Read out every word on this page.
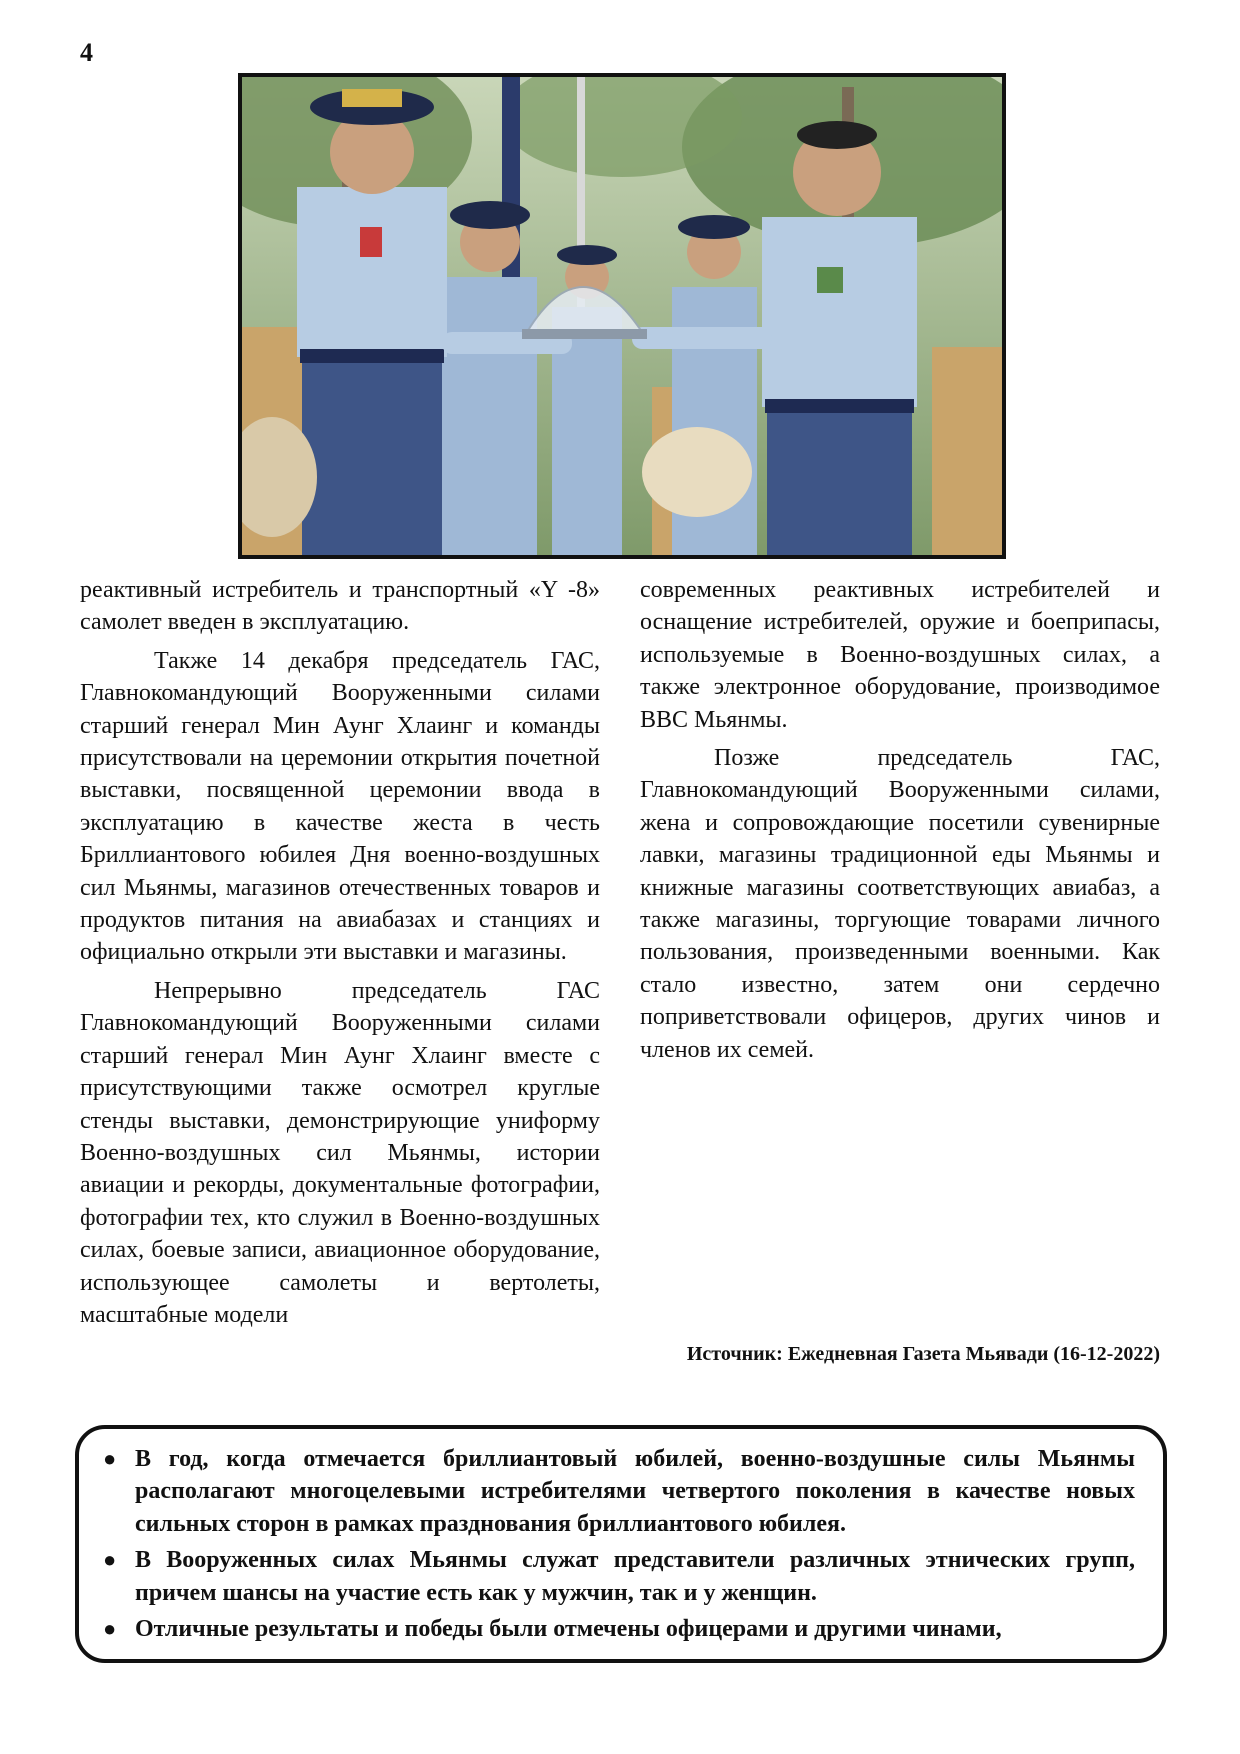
4

реактивный истребитель и транспортный «Y -8» самолет введен в эксплуатацию.

Также 14 декабря председатель ГАС, Главнокомандующий Вооруженными силами старший генерал Мин Аунг Хлаинг и команды присутствовали на церемонии открытия почетной выставки, посвященной церемонии ввода в эксплуатацию в качестве жеста в честь Бриллиантового юбилея Дня военно-воздушных сил Мьянмы, магазинов отечественных товаров и продуктов питания на авиабазах и станциях и официально открыли эти выставки и магазины.

Непрерывно председатель ГАС Главнокомандующий Вооруженными силами старший генерал Мин Аунг Хлаинг вместе с присутствующими также осмотрел круглые стенды выставки, демонстрирующие униформу Военно-воздушных сил Мьянмы, истории авиации и рекорды, документальные фотографии, фотографии тех, кто служил в Военно-воздушных силах, боевые записи, авиационное оборудование, использующее самолеты и вертолеты, масштабные модели

современных реактивных истребителей и оснащение истребителей, оружие и боеприпасы, используемые в Военно-воздушных силах, а также электронное оборудование, производимое ВВС Мьянмы.

Позже председатель ГАС, Главнокомандующий Вооруженными силами, жена и сопровождающие посетили сувенирные лавки, магазины традиционной еды Мьянмы и книжные магазины соответствующих авиабаз, а также магазины, торгующие товарами личного пользования, произведенными военными. Как стало известно, затем они сердечно поприветствовали офицеров, других чинов и членов их семей.

Источник: Ежедневная Газета Мьявади (16-12-2022)
● В год, когда отмечается бриллиантовый юбилей, военно-воздушные силы Мьянмы располагают многоцелевыми истребителями четвертого поколения в качестве новых сильных сторон в рамках празднования бриллиантового юбилея.
● В Вооруженных силах Мьянмы служат представители различных этнических групп, причем шансы на участие есть как у мужчин, так и у женщин.
● Отличные результаты и победы были отмечены офицерами и другими чинами,
